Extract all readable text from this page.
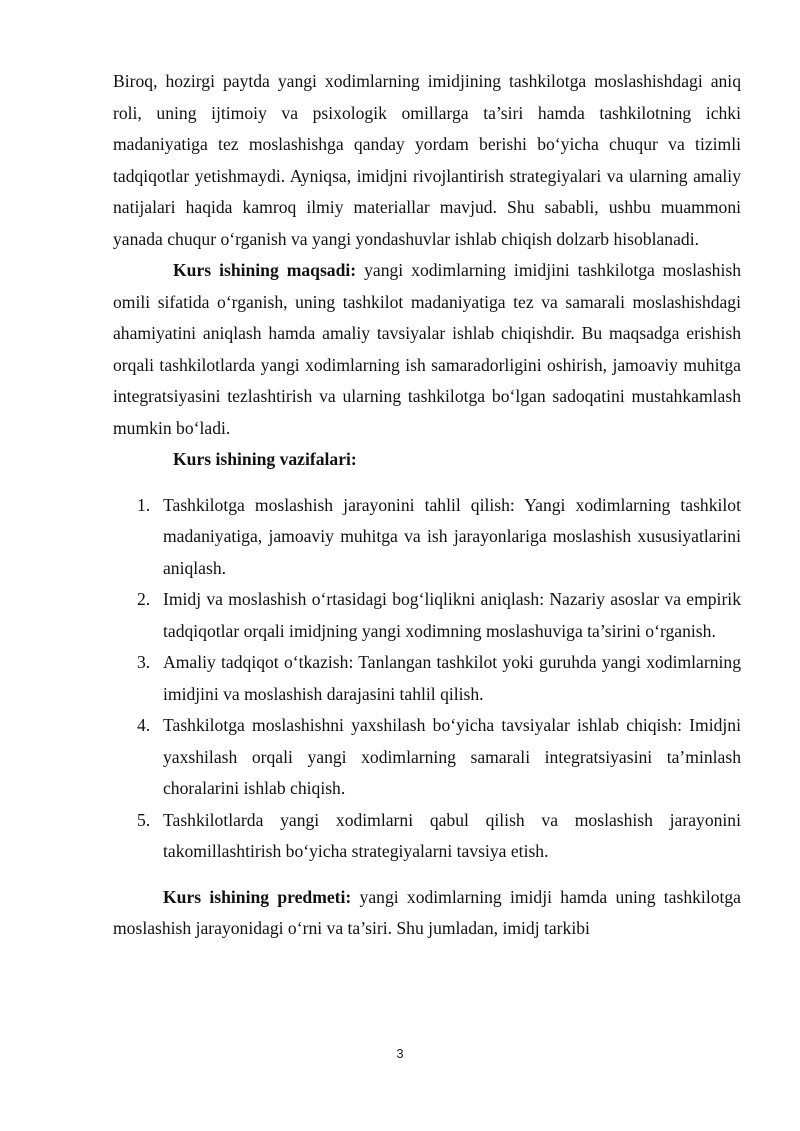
Biroq, hozirgi paytda yangi xodimlarning imidjining tashkilotga moslashishdagi aniq roli, uning ijtimoiy va psixologik omillarga ta’siri hamda tashkilotning ichki madaniyatiga tez moslashishga qanday yordam berishi bo‘yicha chuqur va tizimli tadqiqotlar yetishmaydi. Ayniqsa, imidjni rivojlantirish strategiyalari va ularning amaliy natijalari haqida kamroq ilmiy materiallar mavjud. Shu sababli, ushbu muammoni yanada chuqur o‘rganish va yangi yondashuvlar ishlab chiqish dolzarb hisoblanadi.

Kurs ishining maqsadi: yangi xodimlarning imidjini tashkilotga moslashish omili sifatida o‘rganish, uning tashkilot madaniyatiga tez va samarali moslashishdagi ahamiyatini aniqlash hamda amaliy tavsiyalar ishlab chiqishdir. Bu maqsadga erishish orqali tashkilotlarda yangi xodimlarning ish samaradorligini oshirish, jamoaviy muhitga integratsiyasini tezlashtirish va ularning tashkilotga bo‘lgan sadoqatini mustahkamlash mumkin bo‘ladi.

Kurs ishining vazifalari:

1. Tashkilotga moslashish jarayonini tahlil qilish: Yangi xodimlarning tashkilot madaniyatiga, jamoaviy muhitga va ish jarayonlariga moslashish xususiyatlarini aniqlash.
2. Imidj va moslashish o‘rtasidagi bog‘liqlikni aniqlash: Nazariy asoslar va empirik tadqiqotlar orqali imidjning yangi xodimning moslashuviga ta’sirini o‘rganish.
3. Amaliy tadqiqot o‘tkazish: Tanlangan tashkilot yoki guruhda yangi xodimlarning imidjini va moslashish darajasini tahlil qilish.
4. Tashkilotga moslashishni yaxshilash bo‘yicha tavsiyalar ishlab chiqish: Imidjni yaxshilash orqali yangi xodimlarning samarali integratsiyasini ta’minlash choralarini ishlab chiqish.
5. Tashkilotlarda yangi xodimlarni qabul qilish va moslashish jarayonini takomillashtirish bo‘yicha strategiyalarni tavsiya etish.

Kurs ishining predmeti: yangi xodimlarning imidji hamda uning tashkilotga moslashish jarayonidagi o‘rni va ta’siri. Shu jumladan, imidj tarkibi

3
